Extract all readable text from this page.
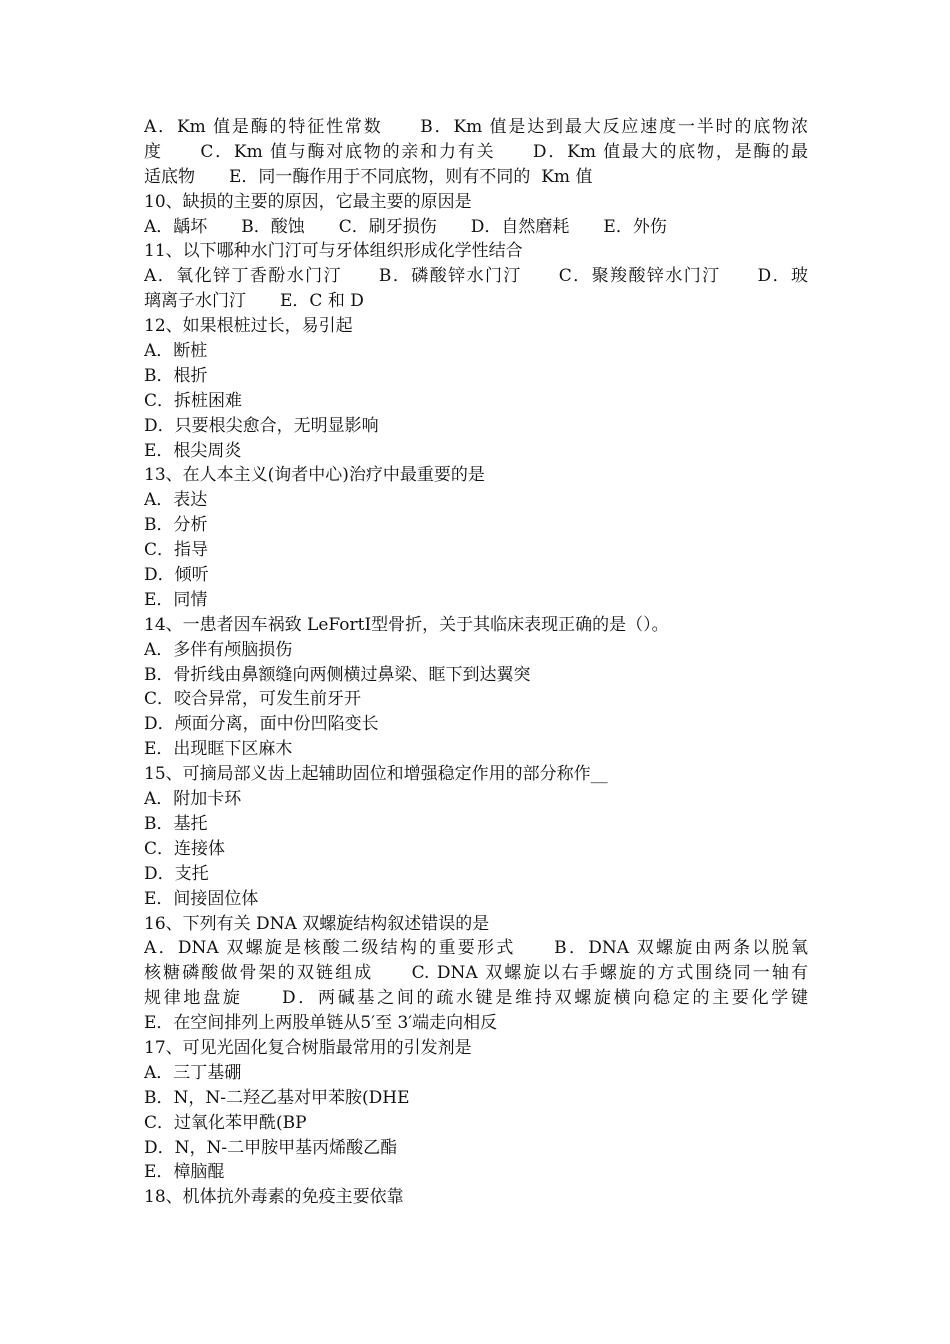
A．Km 值是酶的特征性常数　　B．Km 值是达到最大反应速度一半时的底物浓
度　　C．Km 值与酶对底物的亲和力有关　　D．Km 值最大的底物，是酶的最
适底物　　E．同一酶作用于不同底物，则有不同的  Km 值
10、缺损的主要的原因，它最主要的原因是
A．龋坏　　B．酸蚀　　C．刷牙损伤　　D．自然磨耗　　E．外伤
11、以下哪种水门汀可与牙体组织形成化学性结合
A．氧化锌丁香酚水门汀　　B．磷酸锌水门汀　　C．聚羧酸锌水门汀　　D．玻
璃离子水门汀　　E．C 和 D
12、如果根桩过长，易引起
A．断桩
B．根折
C．拆桩困难
D．只要根尖愈合，无明显影响
E．根尖周炎
13、在人本主义(询者中心)治疗中最重要的是
A．表达
B．分析
C．指导
D．倾听
E．同情
14、一患者因车祸致 LeFortⅠ型骨折，关于其临床表现正确的是（）。
A．多伴有颅脑损伤
B．骨折线由鼻额缝向两侧横过鼻梁、眶下到达翼突
C．咬合异常，可发生前牙开
D．颅面分离，面中份凹陷变长
E．出现眶下区麻木
15、可摘局部义齿上起辅助固位和增强稳定作用的部分称作__
A．附加卡环
B．基托
C．连接体
D．支托
E．间接固位体
16、下列有关 DNA 双螺旋结构叙述错误的是
A．DNA 双螺旋是核酸二级结构的重要形式　　B．DNA 双螺旋由两条以脱氧
核糖磷酸做骨架的双链组成　　C. DNA 双螺旋以右手螺旋的方式围绕同一轴有
规律地盘旋　　D．两碱基之间的疏水键是维持双螺旋横向稳定的主要化学键
E．在空间排列上两股单链从5′至 3′端走向相反
17、可见光固化复合树脂最常用的引发剂是
A．三丁基硼
B．N，N-二羟乙基对甲苯胺(DHE
C．过氧化苯甲酰(BP
D．N，N-二甲胺甲基丙烯酸乙酯
E．樟脑醌
18、机体抗外毒素的免疫主要依靠
